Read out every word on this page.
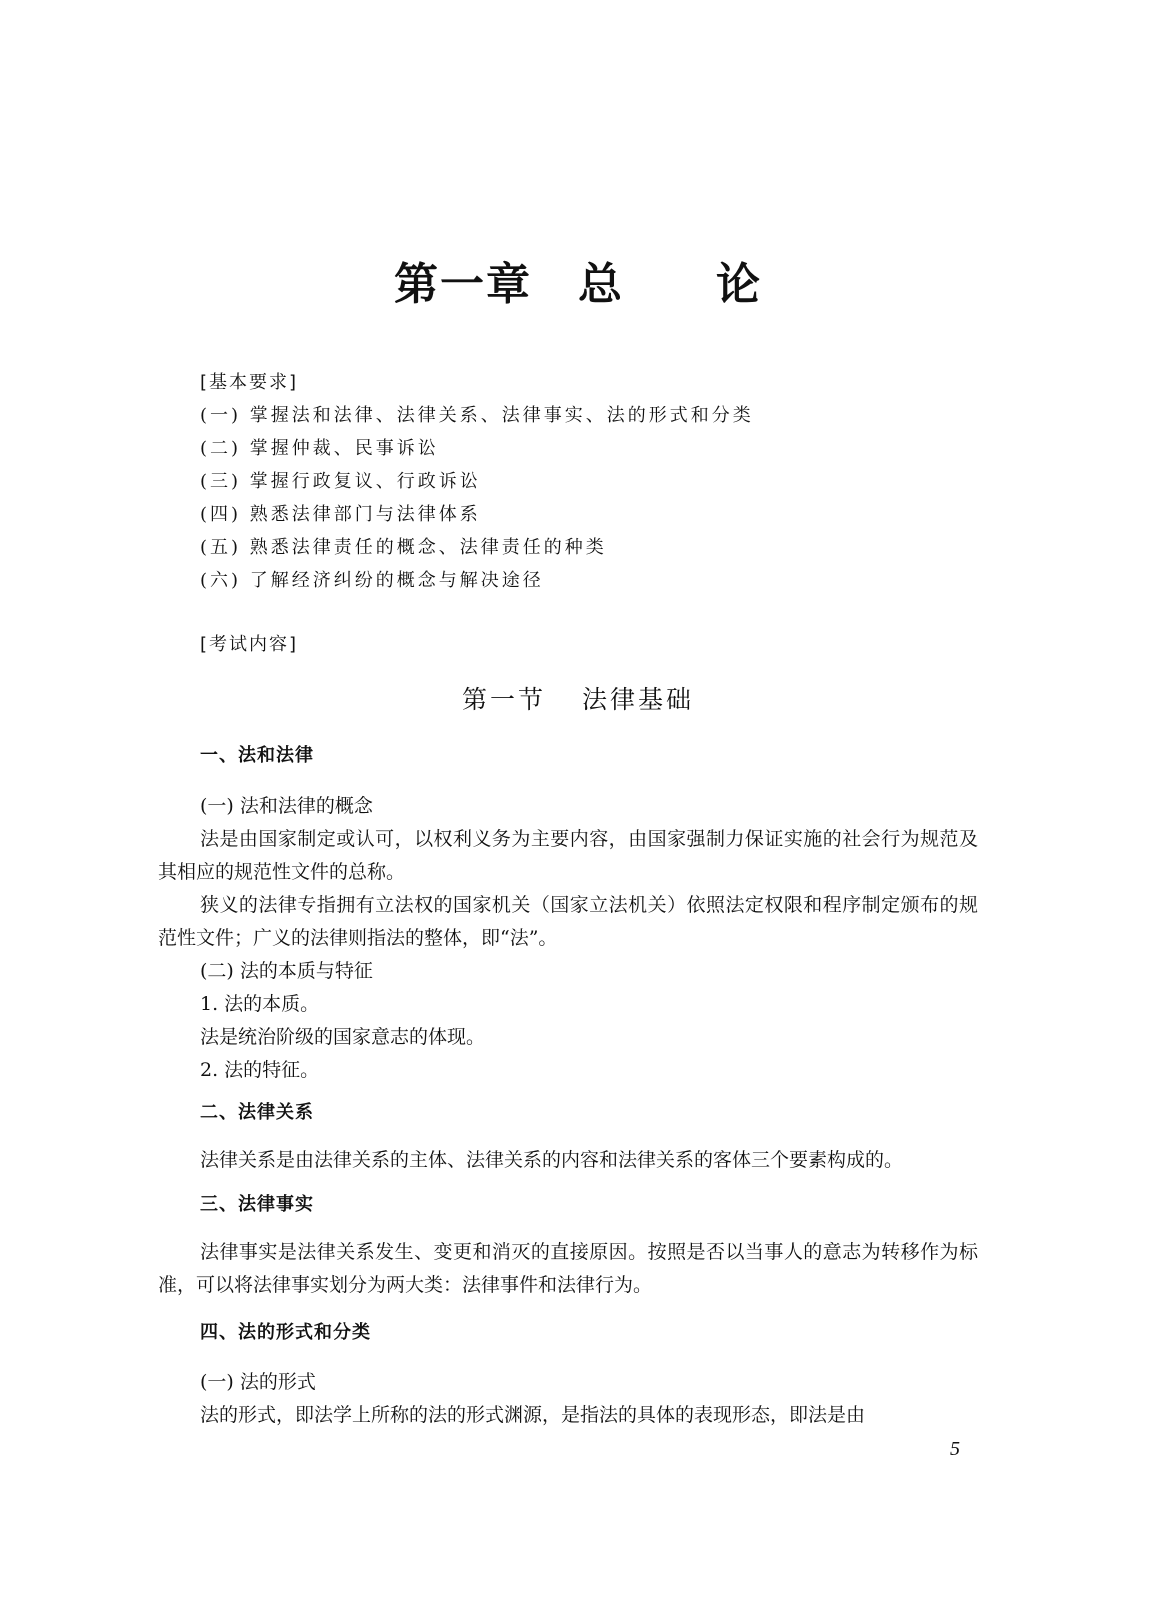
第一章 总 论
[基本要求]
(一) 掌握法和法律、法律关系、法律事实、法的形式和分类
(二) 掌握仲裁、民事诉讼
(三) 掌握行政复议、行政诉讼
(四) 熟悉法律部门与法律体系
(五) 熟悉法律责任的概念、法律责任的种类
(六) 了解经济纠纷的概念与解决途径
[考试内容]
第一节 法律基础
一、法和法律
(一) 法和法律的概念
法是由国家制定或认可，以权利义务为主要内容，由国家强制力保证实施的社会行为规范及其相应的规范性文件的总称。
狭义的法律专指拥有立法权的国家机关（国家立法机关）依照法定权限和程序制定颁布的规范性文件；广义的法律则指法的整体，即“法”。
(二) 法的本质与特征
1. 法的本质。
法是统治阶级的国家意志的体现。
2. 法的特征。
二、法律关系
法律关系是由法律关系的主体、法律关系的内容和法律关系的客体三个要素构成的。
三、法律事实
法律事实是法律关系发生、变更和消灭的直接原因。按照是否以当事人的意志为转移作为标准，可以将法律事实划分为两大类：法律事件和法律行为。
四、法的形式和分类
(一) 法的形式
法的形式，即法学上所称的法的形式渊源，是指法的具体的表现形态，即法是由
5
